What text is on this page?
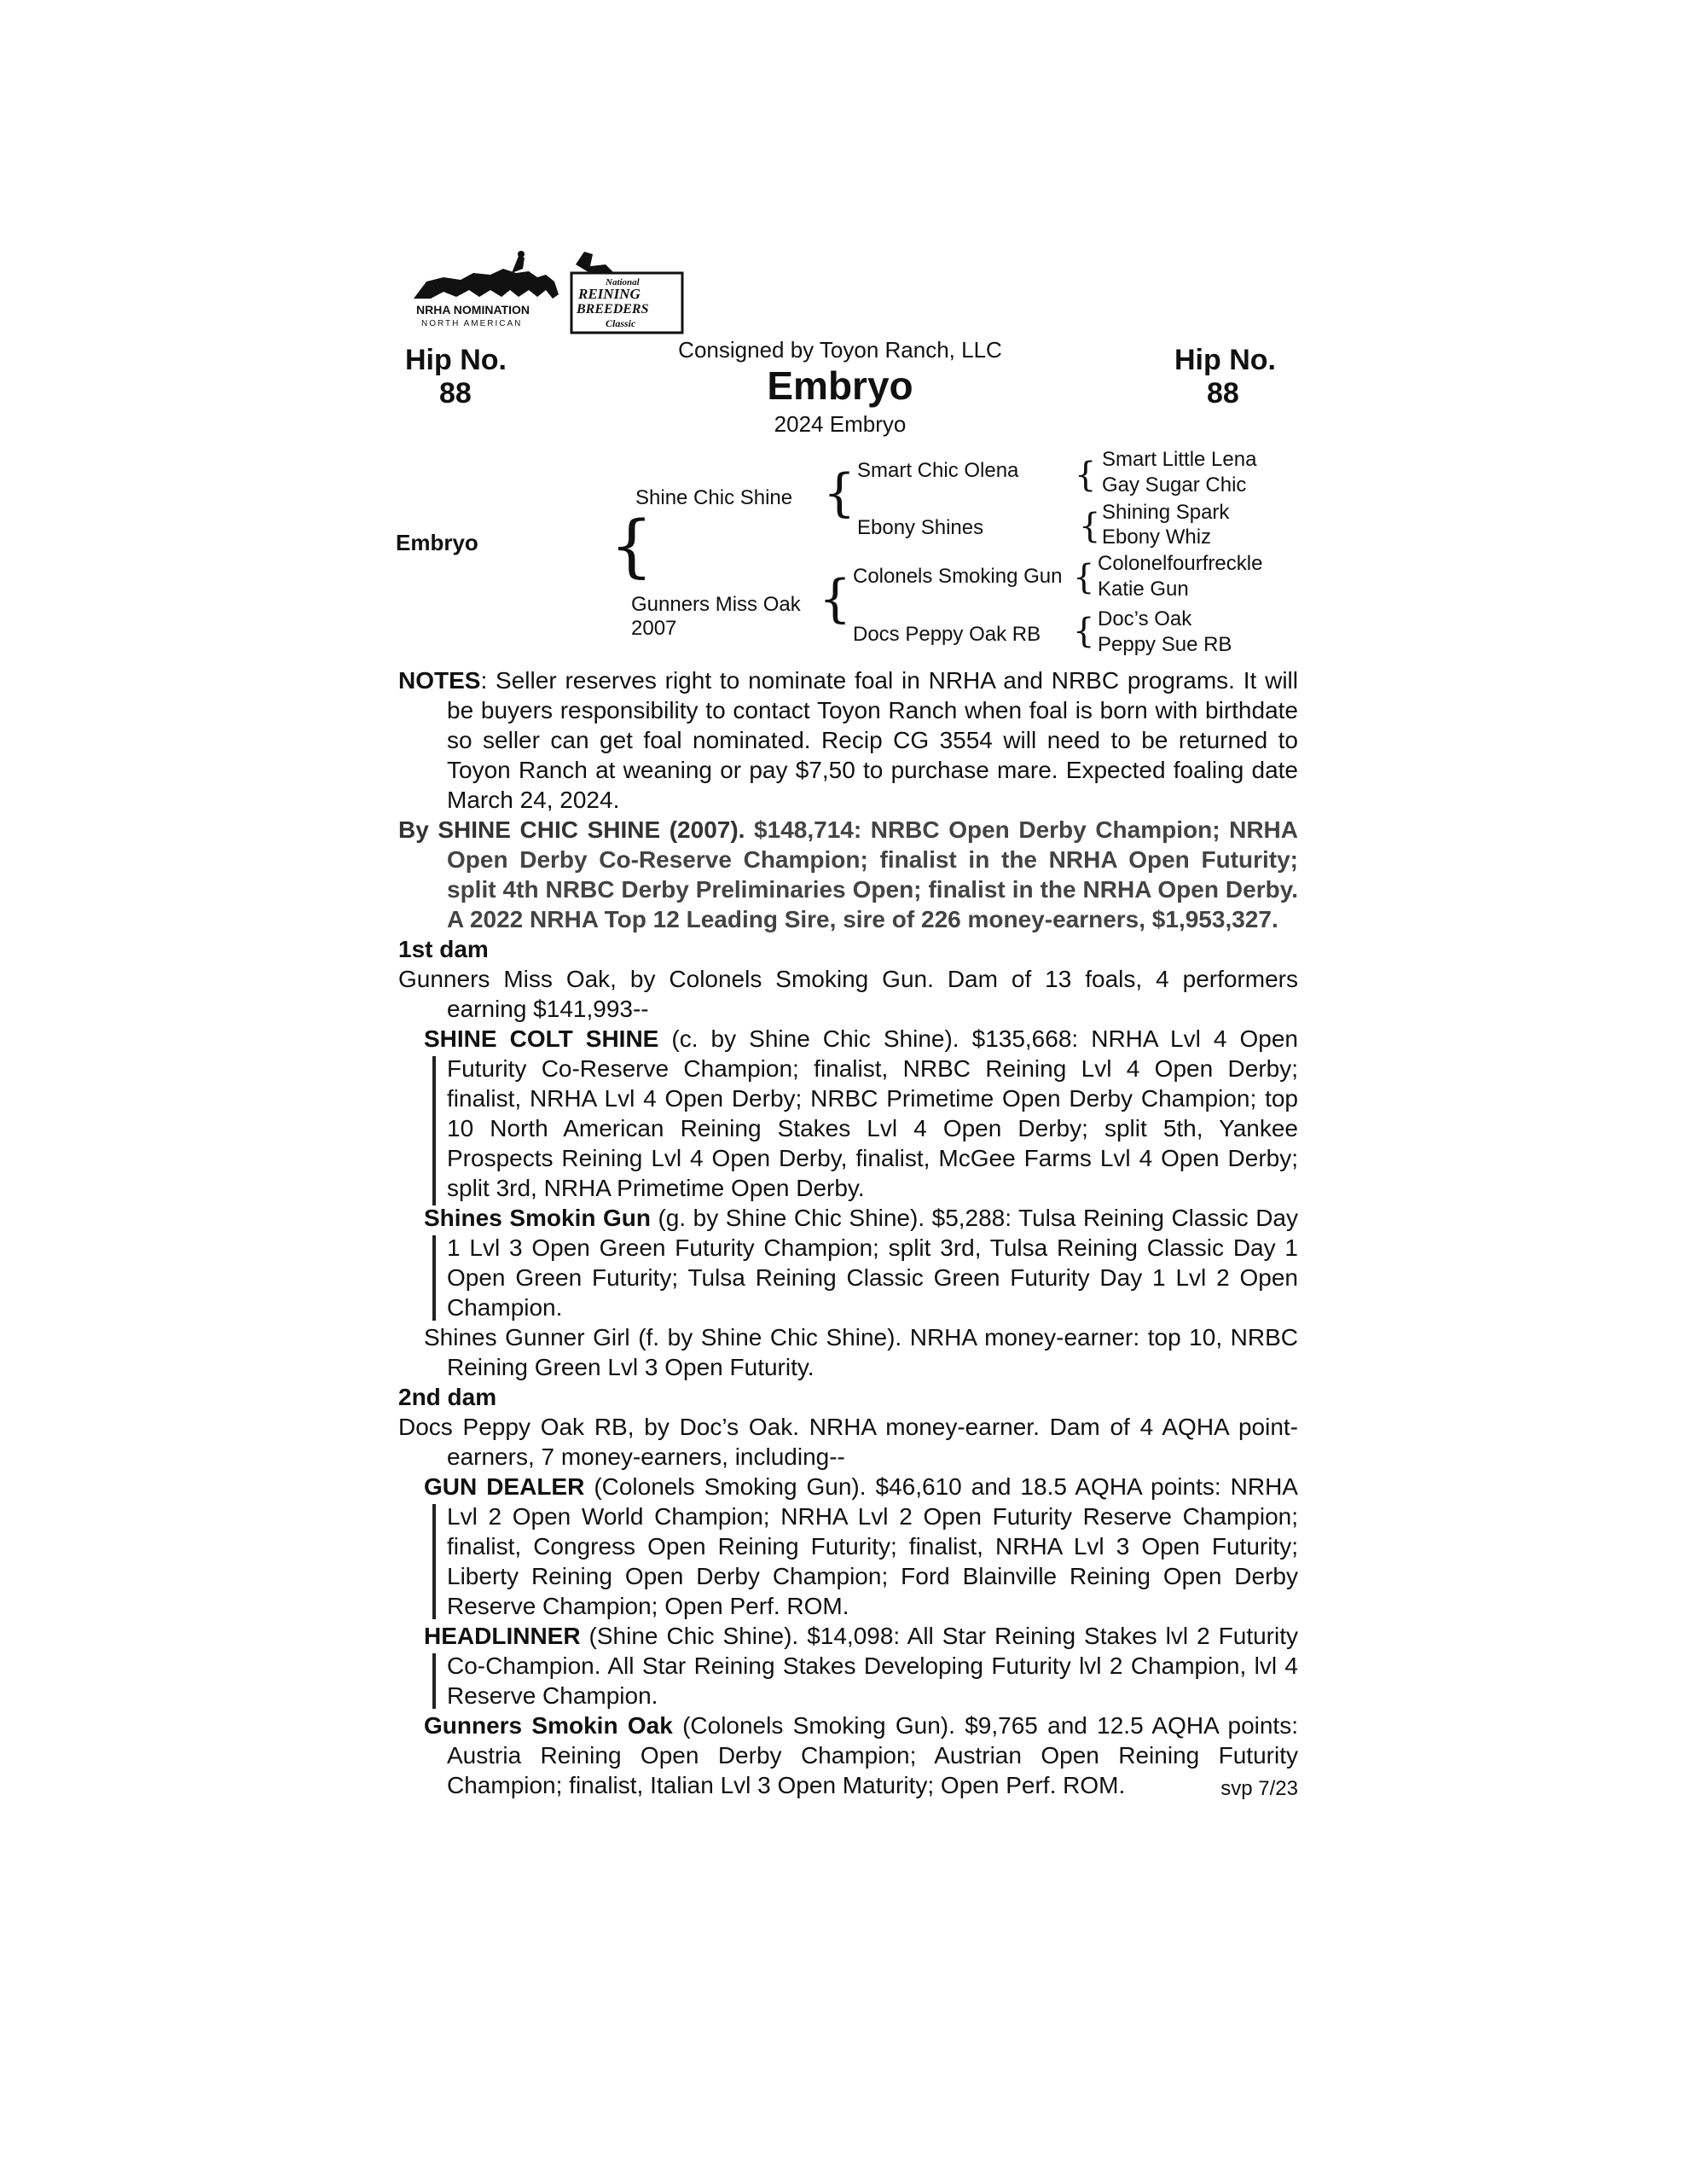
NRHA NOMINATION
NORTH AMERICAN
National
REINING
BREEDERS
Classic
Hip No.
88
Hip No.
88
Consigned by Toyon Ranch, LLC
Embryo
2024 Embryo
Embryo {
Shine Chic Shine
Gunners Miss Oak
2007
{
{
Smart Chic Olena
Ebony Shines
Colonels Smoking Gun
Docs Peppy Oak RB
{
{
{
{
Smart Little Lena
Gay Sugar Chic
Shining Spark
Ebony Whiz
Colonelfourfreckle
Katie Gun
Doc’s Oak
Peppy Sue RB

NOTES: Seller reserves right to nominate foal in NRHA and NRBC programs. It will be buyers responsibility to contact Toyon Ranch when foal is born with birthdate so seller can get foal nominated. Recip CG 3554 will need to be returned to Toyon Ranch at weaning or pay $7,50 to purchase mare. Expected foaling date March 24, 2024.

By SHINE CHIC SHINE (2007). $148,714: NRBC Open Derby Champion; NRHA Open Derby Co-Reserve Champion; finalist in the NRHA Open Futurity; split 4th NRBC Derby Preliminaries Open; finalist in the NRHA Open Derby. A 2022 NRHA Top 12 Leading Sire, sire of 226 money-earners, $1,953,327.

1st dam

Gunners Miss Oak, by Colonels Smoking Gun. Dam of 13 foals, 4 performers earning $141,993--

SHINE COLT SHINE (c. by Shine Chic Shine). $135,668: NRHA Lvl 4 Open Futurity Co-Reserve Champion; finalist, NRBC Reining Lvl 4 Open Derby; finalist, NRHA Lvl 4 Open Derby; NRBC Primetime Open Derby Champion; top 10 North American Reining Stakes Lvl 4 Open Derby; split 5th, Yankee Prospects Reining Lvl 4 Open Derby, finalist, McGee Farms Lvl 4 Open Derby; split 3rd, NRHA Primetime Open Derby.

Shines Smokin Gun (g. by Shine Chic Shine). $5,288: Tulsa Reining Classic Day 1 Lvl 3 Open Green Futurity Champion; split 3rd, Tulsa Reining Classic Day 1 Open Green Futurity; Tulsa Reining Classic Green Futurity Day 1 Lvl 2 Open Champion.

Shines Gunner Girl (f. by Shine Chic Shine). NRHA money-earner: top 10, NRBC Reining Green Lvl 3 Open Futurity.

2nd dam

Docs Peppy Oak RB, by Doc’s Oak. NRHA money-earner. Dam of 4 AQHA point-earners, 7 money-earners, including--

GUN DEALER (Colonels Smoking Gun). $46,610 and 18.5 AQHA points: NRHA Lvl 2 Open World Champion; NRHA Lvl 2 Open Futurity Reserve Champion; finalist, Congress Open Reining Futurity; finalist, NRHA Lvl 3 Open Futurity; Liberty Reining Open Derby Champion; Ford Blainville Reining Open Derby Reserve Champion; Open Perf. ROM.

HEADLINNER (Shine Chic Shine). $14,098: All Star Reining Stakes lvl 2 Futurity Co-Champion. All Star Reining Stakes Developing Futurity lvl 2 Champion, lvl 4 Reserve Champion.

Gunners Smokin Oak (Colonels Smoking Gun). $9,765 and 12.5 AQHA points: Austria Reining Open Derby Champion; Austrian Open Reining Futurity Champion; finalist, Italian Lvl 3 Open Maturity; Open Perf. ROM.	svp 7/23
